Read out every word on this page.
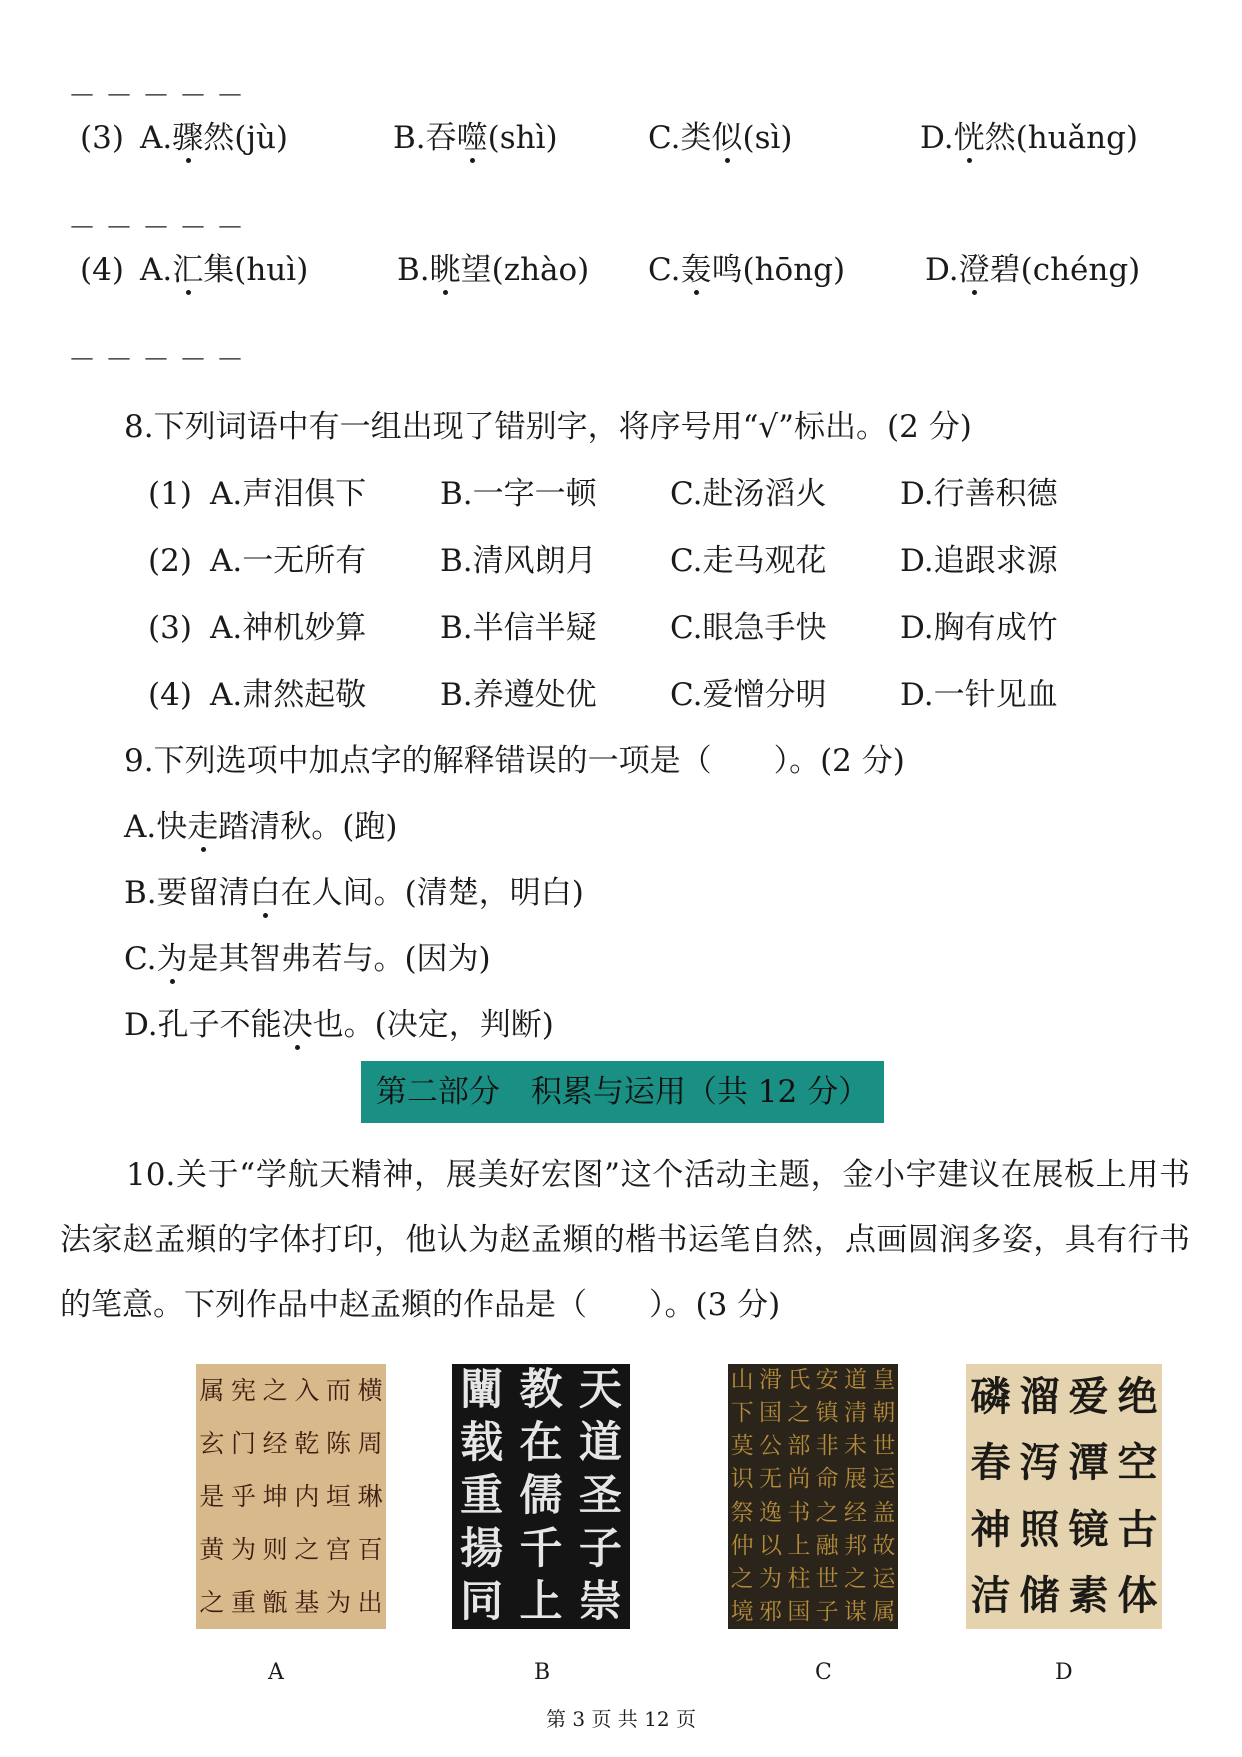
－－－－－
(3) A.骤然(jù)	B.吞噬(shì)	C.类似(sì)	D.恍然(huǎng)
－－－－－
(4) A.汇集(huì)	B.眺望(zhào) C.轰鸣(hōng)	D.澄碧(chéng)
－－－－－
8.下列词语中有一组出现了错别字，将序号用“√”标出。(2 分)
(1) A.声泪俱下 B.一字一顿 C.赴汤滔火 D.行善积德
(2) A.一无所有 B.清风朗月 C.走马观花 D.追跟求源
(3) A.神机妙算 B.半信半疑 C.眼急手快 D.胸有成竹
(4) A.肃然起敬 B.养遵处优 C.爱憎分明 D.一针见血
9.下列选项中加点字的解释错误的一项是（　　）。(2 分)
A.快走踏清秋。(跑)
B.要留清白在人间。(清楚，明白)
C.为是其智弗若与。(因为)
D.孔子不能决也。(决定，判断)
第二部分　积累与运用（共 12 分）
10.关于“学航天精神，展美好宏图”这个活动主题，金小宇建议在展板上用书法家赵孟頫的字体打印，他认为赵孟頫的楷书运笔自然，点画圆润多姿，具有行书的笔意。下列作品中赵孟頫的作品是（　　）。(3 分)
横
周
琳
百
出
而
陈
垣
宫
为
入
乾
内
之
基
之
经
坤
则
甑
宪
门
乎
为
重
属
玄
是
黄
之
天
道
圣
子
崇
教
在
儒
千
上
闡
载
重
揚
同
皇
朝
世
运
盖
故
运
属
道
清
未
展
经
邦
之
谋
安
镇
非
命
之
融
世
子
氏
之
部
尚
书
上
柱
国
滑
国
公
无
逸
以
为
邪
山
下
莫
识
祭
仲
之
境
绝
空
古
体
爱
潭
镜
素
溜
泻
照
储
磷
春
神
洁
A	B	C	D
第 3 页 共 12 页
